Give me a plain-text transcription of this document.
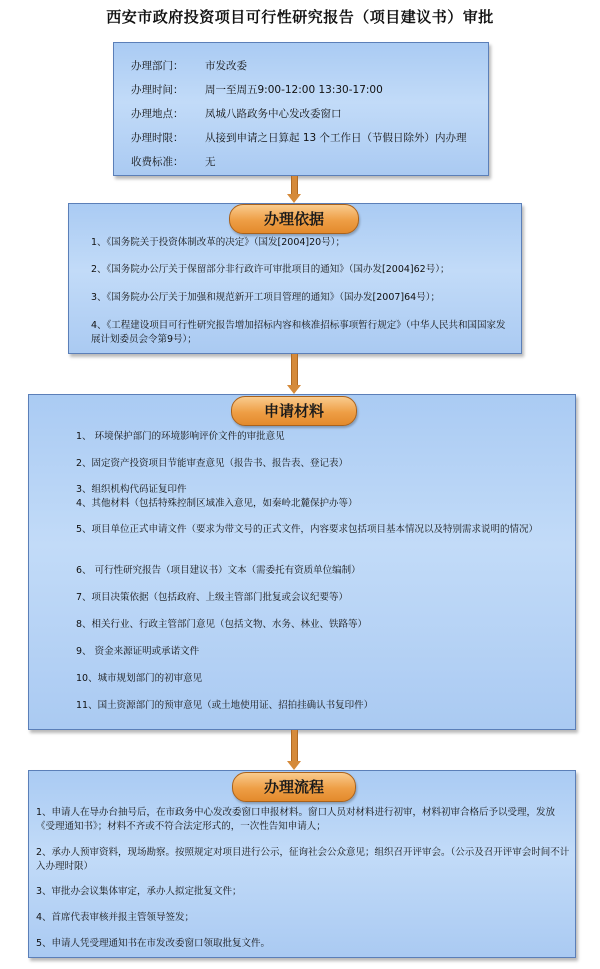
西安市政府投资项目可行性研究报告（项目建议书）审批
办理部门：	市发改委
办理时间：	周一至周五9:00-12:00 13:30-17:00
办理地点：	凤城八路政务中心发改委窗口
办理时限：	从接到申请之日算起 13 个工作日（节假日除外）内办理
收费标准：	无
办理依据
1、《国务院关于投资体制改革的决定》（国发[2004]20号）；
2、《国务院办公厅关于保留部分非行政许可审批项目的通知》（国办发[2004]62号）；
3、《国务院办公厅关于加强和规范新开工项目管理的通知》（国办发[2007]64号）；
4、《工程建设项目可行性研究报告增加招标内容和核准招标事项暂行规定》（中华人民共和国国家发展计划委员会令第9号）；
申请材料
1、 环境保护部门的环境影响评价文件的审批意见
2、固定资产投资项目节能审查意见（报告书、报告表、登记表）
3、组织机构代码证复印件
4、其他材料（包括特殊控制区域准入意见，如秦岭北麓保护办等）
5、项目单位正式申请文件（要求为带文号的正式文件，内容要求包括项目基本情况以及特别需求说明的情况）
6、 可行性研究报告（项目建议书）文本（需委托有资质单位编制）
7、项目决策依据（包括政府、上级主管部门批复或会议纪要等）
8、相关行业、行政主管部门意见（包括文物、水务、林业、铁路等）
9、 资金来源证明或承诺文件
10、城市规划部门的初审意见
11、国土资源部门的预审意见（或土地使用证、招拍挂确认书复印件）
办理流程
1、申请人在导办台抽号后，在市政务中心发改委窗口申报材料。窗口人员对材料进行初审，材料初审合格后予以受理，发放《受理通知书》；材料不齐或不符合法定形式的，一次性告知申请人；
2、承办人预审资料，现场勘察。按照规定对项目进行公示，征询社会公众意见；组织召开评审会。（公示及召开评审会时间不计入办理时限）
3、审批办会议集体审定，承办人拟定批复文件；
4、首席代表审核并报主管领导签发；
5、申请人凭受理通知书在市发改委窗口领取批复文件。
